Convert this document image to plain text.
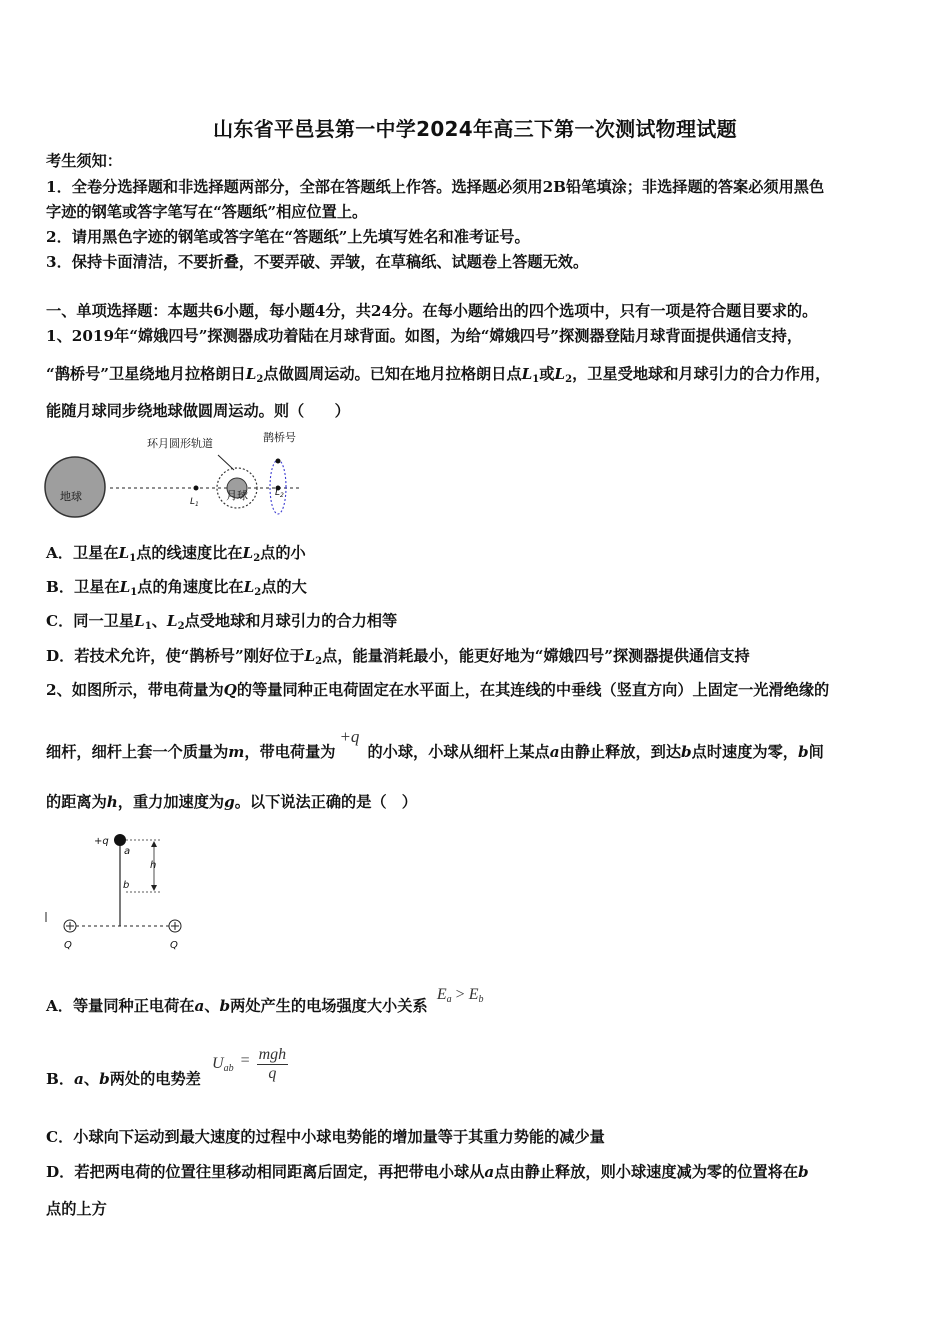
山东省平邑县第一中学2024年高三下第一次测试物理试题
考生须知：
1．全卷分选择题和非选择题两部分，全部在答题纸上作答。选择题必须用2B铅笔填涂；非选择题的答案必须用黑色
字迹的钢笔或答字笔写在“答题纸”相应位置上。
2．请用黑色字迹的钢笔或答字笔在“答题纸”上先填写姓名和准考证号。
3．保持卡面清洁，不要折叠，不要弄破、弄皱，在草稿纸、试题卷上答题无效。
一、单项选择题：本题共6小题，每小题4分，共24分。在每小题给出的四个选项中，只有一项是符合题目要求的。
1、2019年“嫦娥四号”探测器成功着陆在月球背面。如图，为给“嫦娥四号”探测器登陆月球背面提供通信支持，
“鹊桥号”卫星绕地月拉格朗日$L_2$点做圆周运动。已知在地月拉格朗日点$L_1$或$L_2$，卫星受地球和月球引力的合力作用，
能随月球同步绕地球做圆周运动。则（　　）
地球	$L_1$
月球
环月圆形轨道
$L_2$
鹊桥号
A．卫星在$L_1$点的线速度比在$L_2$点的小
B．卫星在$L_1$点的角速度比在$L_2$点的大
C．同一卫星$L_1$、$L_2$点受地球和月球引力的合力相等
D．若技术允许，使“鹊桥号”刚好位于$L_2$点，能量消耗最小，能更好地为“嫦娥四号”探测器提供通信支持
2、如图所示，带电荷量为Q的等量同种正电荷固定在水平面上，在其连线的中垂线（竖直方向）上固定一光滑绝缘的
细杆，细杆上套一个质量为m，带电荷量为+q的小球，小球从细杆上某点a由静止释放，到达b点时速度为零，b间
的距离为h，重力加速度为g。以下说法正确的是（　）
+q
a
b
h
Q	Q
A．等量同种正电荷在a、b两处产生的电场强度大小关系 $E_a > E_b$
B．a、b两处的电势差
$U_{ab}$ = mgh
q
C．小球向下运动到最大速度的过程中小球电势能的增加量等于其重力势能的减少量
D．若把两电荷的位置往里移动相同距离后固定，再把带电小球从a点由静止释放，则小球速度减为零的位置将在b
点的上方
